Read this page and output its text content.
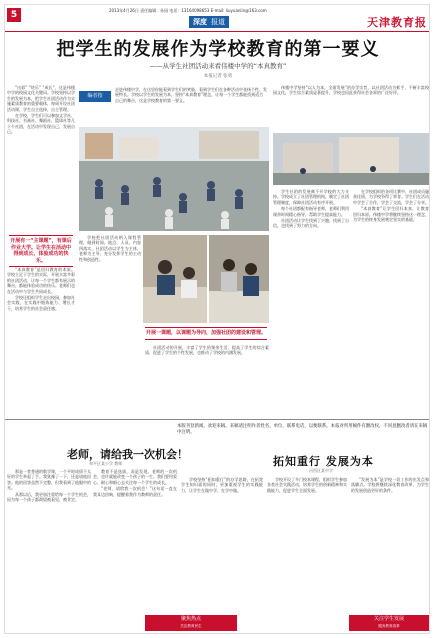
5	2013年4月26日 责任编辑：孙园 电话：13164098653 E-mail: liuyuanlin@163.com
深度 报道	天津教育报
把学生的发展作为学校教育的第一要义
——从学生社团活动来看伟楼中学的“本真教育”
本报记者 张勇

“出彩” “快乐” “成长”，这是伟楼中学的校园文化关键词。学校坚持以学生的发展为本，把学生社团活动作为实施素质教育的重要载体，每周开设社团活动课，学生自主选择，自主管理。

在学校，学生们可以参加文学社、科技社、书画社、舞蹈社、篮球社等几十个社团，在活动中发现自己、发展自己。

开展有一“主课题”，有课后作业大学。让学生在活动中得到成长，体验成功的快乐。

“本真教育”是回归教育的本原。学校立足于学生的实际，开展丰富多彩的社团活动，让每一个学生都有展示的舞台，都能体验成功的快乐。老师们也在活动中与学生共同成长。

学校还组织学生走出校园，参加社会实践，在实践中锻炼能力、增长才干，培养学生的社会责任感。

编者按
走进伟楼中学，在这里你能看到学生们的笑脸，看到学生们在各种活动中张扬个性、发展特长。学校以学生的发展为本，坚持“本真教育”理念，让每一个学生都能找到适合自己的舞台，这是学校教育的第一要义。

伟楼中学坚持“以人为本，全面发展”的办学宗旨，以社团活动为抓手，不断丰富校园文化，学生综合素质显著提升，学校也因此获得社会各界的广泛好评。

学生社团的发展离不开学校的大力支持。学校成立了社团管理机构，制定了社团管理制度，保障社团活动有序开展。

每个社团都配有指导老师，老师们利用课余时间精心指导，帮助学生提高能力。

社团活动让学生找到了兴趣，找到了自信，也找到了努力的方向。

在学校组织的各项比赛中，社团成员屡获佳绩，为学校争得了荣誉。学生们在活动中学会了合作，学会了交流，学会了分享。

“本真教育”让学生回归本真，让教育回归本原。伟楼中学将继续坚持这一理念，为学生的终身发展奠定坚实的基础。

学校把社团活动纳入课程管理，做到时间、地点、人员、内容四落实。社团活动以学生为主体，老师为主导，充分发挥学生的主动性和创造性。

开展一课题，以课题为导向，加强社团的建设和管理。

社团活动的开展，丰富了学生的课余生活，提高了学生的综合素质，促进了学生的个性发展，也推动了学校的内涵发展。

本版刊登新闻，欢迎来稿。来稿请注明作者姓名、单位、联系电话，以便联系。本报对所用稿件有删改权，不同意删改者请在来稿中注明。
老师，请给我一次机会！
和平区某小学 教师

那是一堂普通的数学课，一个平时成绩不太好的学生举起了手。我犹豫了一下，还是请他回答。他的回答虽然不完整，但我看到了他眼中的光。

从那以后，我更加注重给每一个学生机会，因为每一个孩子都渴望被看见、被肯定。

教育不是选拔，而是发现。老师的一次机会，也许就能改变一个孩子的一生。我们要用爱心、耐心和细心去关注每一个学生的成长。

“老师，请给我一次机会！”这句话一直在我耳边回响，提醒着我作为教师的责任。

拓知重行 发展为本
河西区某中学

学校坚持“拓知重行”的办学思路，在拓宽学生知识面的同时，更加重视学生的实践能力，让学生在做中学、在学中做。

学校开设了多门校本课程，组织学生参加各类社会实践活动，培养学生的创新精神和实践能力，促进学生全面发展。

“发展为本”是学校一切工作的出发点和落脚点。学校将继续深化教育改革，为学生的发展创造更好的条件。

聚焦热点
关注教育民生
关注学生发展
服务教育改革
